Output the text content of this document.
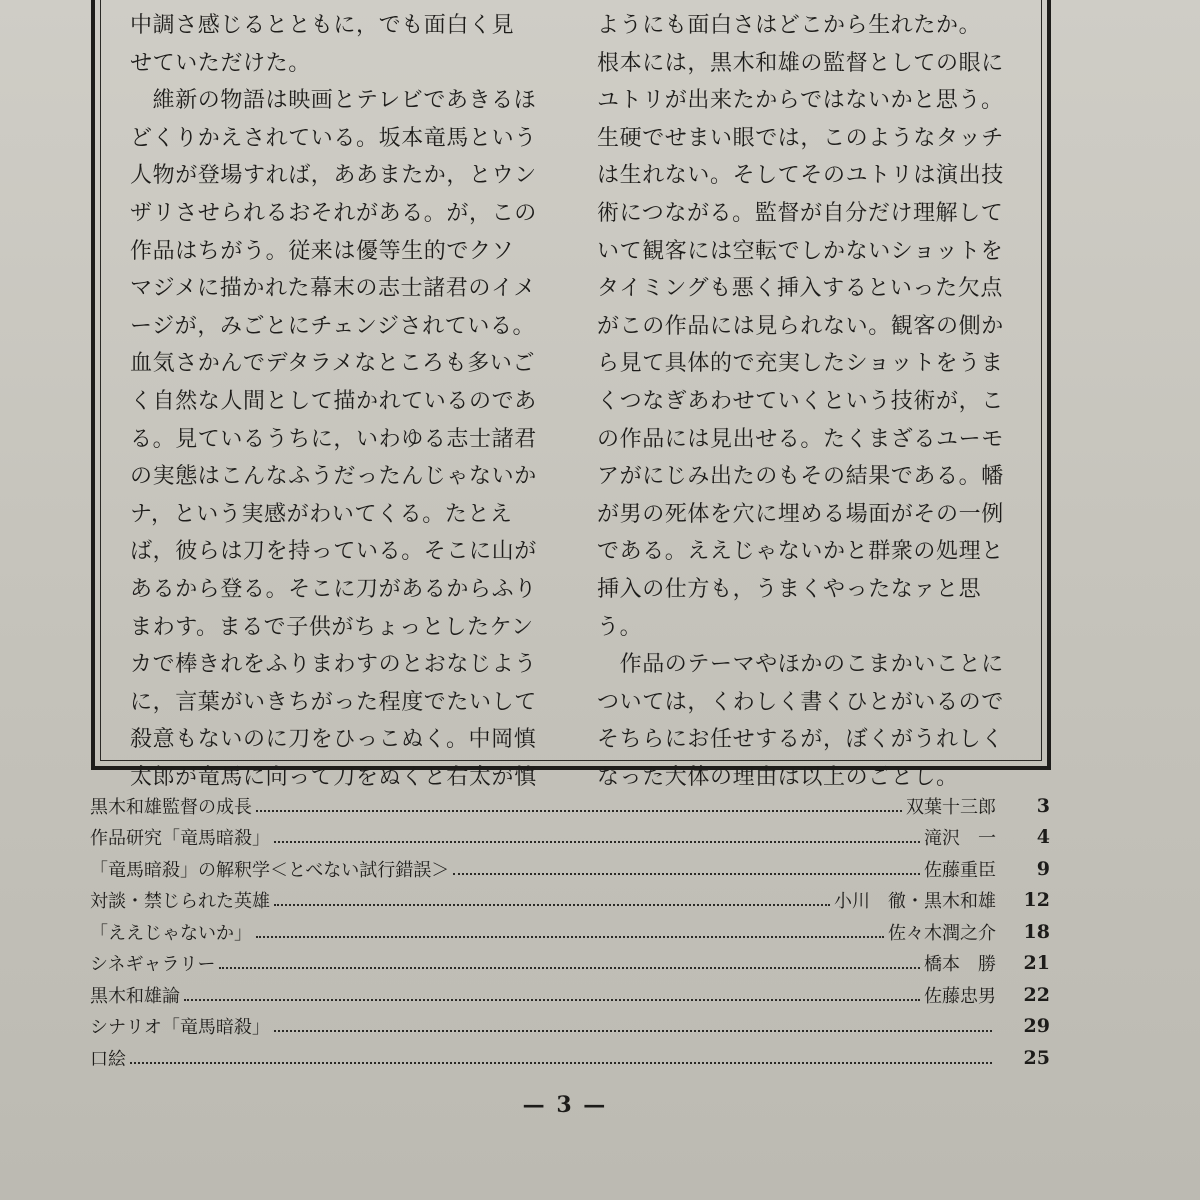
中調さ感じるとともに，でも面白く見
せていただけた。
　維新の物語は映画とテレビであきるほ
どくりかえされている。坂本竜馬という
人物が登場すれば，ああまたか，とウン
ザリさせられるおそれがある。が，この
作品はちがう。従来は優等生的でクソ
マジメに描かれた幕末の志士諸君のイメ
ージが，みごとにチェンジされている。
血気さかんでデタラメなところも多いご
く自然な人間として描かれているのであ
る。見ているうちに，いわゆる志士諸君
の実態はこんなふうだったんじゃないか
ナ，という実感がわいてくる。たとえ
ば，彼らは刀を持っている。そこに山が
あるから登る。そこに刀があるからふり
まわす。まるで子供がちょっとしたケン
カで棒きれをふりまわすのとおなじよう
に，言葉がいきちがった程度でたいして
殺意もないのに刀をひっこぬく。中岡慎
太郎が竜馬に向って刀をぬくと右太が慎
ようにも面白さはどこから生れたか。
根本には，黒木和雄の監督としての眼に
ユトリが出来たからではないかと思う。
生硬でせまい眼では，このようなタッチ
は生れない。そしてそのユトリは演出技
術につながる。監督が自分だけ理解して
いて観客には空転でしかないショットを
タイミングも悪く挿入するといった欠点
がこの作品には見られない。観客の側か
ら見て具体的で充実したショットをうま
くつなぎあわせていくという技術が，こ
の作品には見出せる。たくまざるユーモ
アがにじみ出たのもその結果である。幡
が男の死体を穴に埋める場面がその一例
である。ええじゃないかと群衆の処理と
挿入の仕方も，うまくやったなァと思
う。
　作品のテーマやほかのこまかいことに
ついては，くわしく書くひとがいるので
そちらにお任せするが，ぼくがうれしく
なった大体の理由は以上のごとし。
黒木和雄監督の成長	双葉十三郎	3
作品研究「竜馬暗殺」	滝沢　一	4
「竜馬暗殺」の解釈学＜とべない試行錯誤＞	佐藤重臣	9
対談・禁じられた英雄	小川　徹・黒木和雄	12
「ええじゃないか」	佐々木潤之介	18
シネギャラリー	橋本　勝	21
黒木和雄論	佐藤忠男	22
シナリオ「竜馬暗殺」	29
口絵	25
— 3 —
